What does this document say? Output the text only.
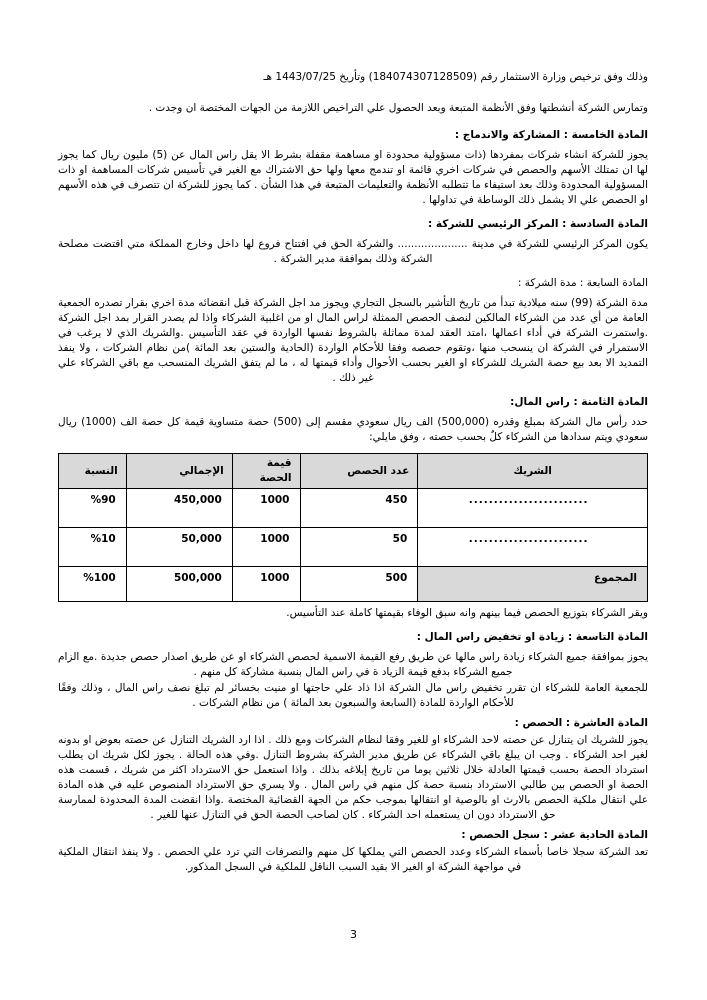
وذلك وفق ترخيص وزارة الاستثمار رقم (184074307128509) وتأريخ 1443/07/25 هـ

وتمارس الشركة أنشطتها وفق الأنظمة المتبعة وبعد الحصول علي التراخيص اللازمة من الجهات المختصة ان وجدت .

المادة الخامسة : المشاركة والاندماج :

يجوز للشركة انشاء شركات بمفردها (ذات مسؤولية محدودة او مساهمة مقفلة بشرط الا يقل راس المال عن (5) مليون ريال كما يجوز لها ان تمتلك الأسهم والحصص في شركات اخري قائمة او تندمج معها ولها حق الاشتراك مع الغير في تأسيس شركات المساهمة او ذات المسؤولية المحدودة وذلك بعد استيفاء ما تتطلبه الأنظمة والتعليمات المتبعة في هذا الشأن . كما يجوز للشركة ان تتصرف في هذه الأسهم او الحصص علي الا يشمل ذلك الوساطة في تداولها .

المادة السادسة : المركز الرئيسي للشركة :

يكون المركز الرئيسي للشركة في مدينة ..................... والشركة الحق في افتتاح فروع لها داخل وخارج المملكة متي اقتضت مصلحة الشركة وذلك بموافقة مدير الشركة .

المادة السابعة : مدة الشركة :

مدة الشركة (99) سنه ميلادية تبدأ من تاريخ التأشير بالسجل التجاري ويجوز مد اجل الشركة قبل انقضائه مدة اخري بقرار تصدره الجمعية العامة من أي عدد من الشركاء المالكين لنصف الحصص الممثلة لراس المال او من اغلبية الشركاء واذا لم يصدر القرار بمد اجل الشركة .واستمرت الشركة في أداء اعمالها ،امتد العقد لمدة مماثلة بالشروط نفسها الواردة في عقد التأسيس .والشريك الذي لا يرغب في الاستمرار في الشركة ان ينسحب منها ،وتقوم حصصه وفقا للأحكام الواردة (الحادية والستين بعد المائة )من نظام الشركات ، ولا ينفذ التمديد الا بعد بيع حصة الشريك للشركاء او الغير بحسب الأحوال وأداء قيمتها له ، ما لم يتفق الشريك المنسحب مع باقي الشركاء علي غير ذلك .

المادة الثامنة : راس المال:

حدد رأس مال الشركة بمبلغ وقدره (500,000) الف ريال سعودي مقسم إلى (500) حصة متساوية قيمة كل حصة الف (1000) ريال سعودي ويتم سدادها من الشركاء كلٌ بحسب حصته ، وفق مايلي:

الشريك	عدد الحصص	قيمة الحصة	الإجمالي	النسبة
........................	450	1000	450,000	%90
........................	50	1000	50,000	%10
المجموع	500	1000	500,000	%100

ويقر الشركاء بتوزيع الحصص فيما بينهم وانه سبق الوفاء بقيمتها كاملة عند التأسيس.

المادة التاسعة : زيادة او تخفيض راس المال :

يجوز بموافقة جميع الشركاء زيادة راس مالها عن طريق رفع القيمة الاسمية لحصص الشركاء او عن طريق اصدار حصص جديدة .مع الزام جميع الشركاء بدفع قيمة الزياد ة في راس المال بنسبة مشاركة كل منهم .

للجمعية العامة للشركاء ان تقرر تخفيض راس مال الشركة اذا ذاد علي حاجتها او منيت بخسائر لم تبلغ نصف راس المال ، وذلك وفقًا للأحكام الواردة للمادة (السابعة والسبعون بعد المائة ) من نظام الشركات .

المادة العاشرة : الحصص :

يجوز للشريك ان يتنازل عن حصته لاحد الشركاء او للغير وفقا لنظام الشركات ومع ذلك . اذا ارد الشريك التنازل عن حصته بعوض او بدونه لغير احد الشركاء . وجب ان يبلغ باقي الشركاء عن طريق مدير الشركة بشروط التنازل .وفي هذه الحالة . يجوز لكل شريك ان يطلب استرداد الحصة بحسب قيمتها العادلة خلال ثلاثين يوما من تاريخ إبلاغه بذلك . واذا استعمل حق الاسترداد اكثر من شريك ، قسمت هذه الحصة او الحصص بين طالبي الاسترداد بنسبة حصة كل منهم في راس المال . ولا يسري حق الاسترداد المنصوص عليه في هذه المادة علي انتقال ملكية الحصص بالارث او بالوصية او انتقالها بموجب حكم من الجهة القضائية المختصة .واذا انقضت المدة المحدودة لممارسة حق الاسترداد دون ان يستعمله احد الشركاء . كان لصاحب الحصة الحق في التنازل عنها للغير .

المادة الحادية عشر : سجل الحصص :

تعد الشركة سجلا خاصا بأسماء الشركاء وعدد الحصص التي يملكها كل منهم والتصرفات التي ترد علي الحصص . ولا ينفذ انتقال الملكية في مواجهة الشركة او الغير الا بقيد السبب الناقل للملكية في السجل المذكور.

3
